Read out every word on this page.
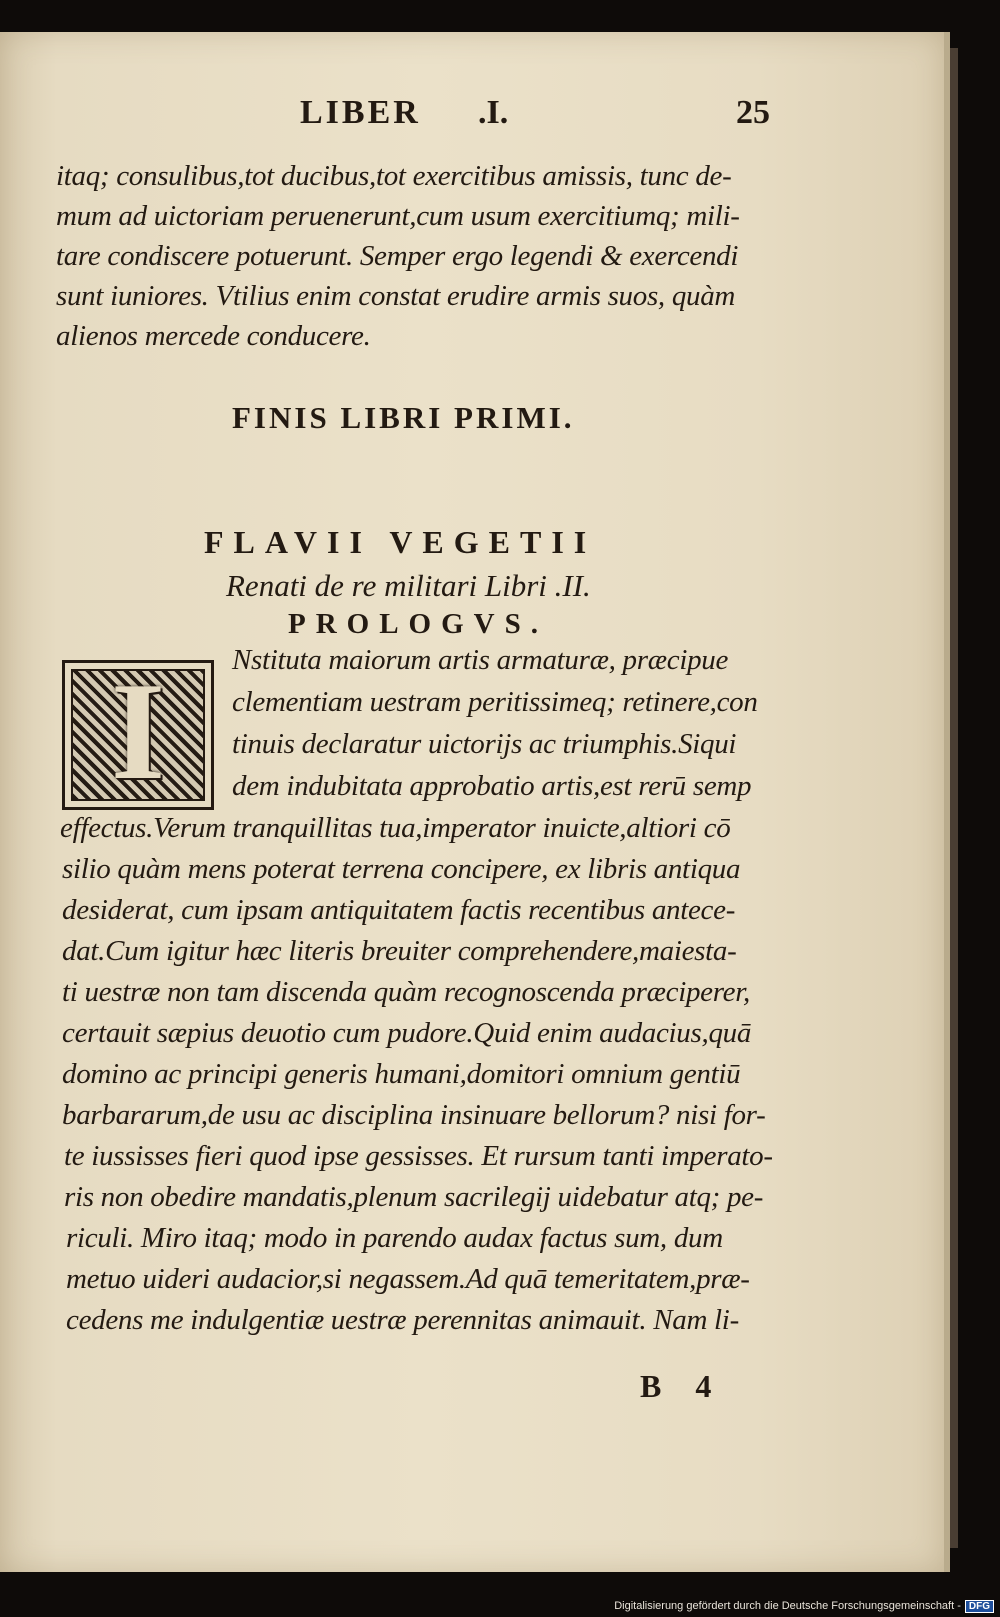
LIBER .I.	25
itaq; consulibus,tot ducibus,tot exercitibus amissis, tunc de-
mum ad uictoriam peruenerunt,cum usum exercitiumq; mili-
tare condiscere potuerunt. Semper ergo legendi & exercendi
sunt iuniores. Vtilius enim constat erudire armis suos, quàm
alienos mercede conducere.
FINIS LIBRI PRIMI.
FLAVII VEGETII
Renati de re militari Libri .II.
PROLOGVS.
I	Nstituta maiorum artis armaturæ, præcipue
clementiam uestram peritissimeq; retinere,con
tinuis declaratur uictorijs ac triumphis.Siqui
dem indubitata approbatio artis,est rerū semp
effectus.Verum tranquillitas tua,imperator inuicte,altiori cō
silio quàm mens poterat terrena concipere, ex libris antiqua
desiderat, cum ipsam antiquitatem factis recentibus antece-
dat.Cum igitur hæc literis breuiter comprehendere,maiesta-
ti uestræ non tam discenda quàm recognoscenda præciperer,
certauit sæpius deuotio cum pudore.Quid enim audacius,quā
domino ac principi generis humani,domitori omnium gentiū
barbararum,de usu ac disciplina insinuare bellorum? nisi for-
te iussisses fieri quod ipse gessisses. Et rursum tanti imperato-
ris non obedire mandatis,plenum sacrilegij uidebatur atq; pe-
riculi. Miro itaq; modo in parendo audax factus sum, dum
metuo uideri audacior,si negassem.Ad quā temeritatem,præ-
cedens me indulgentiæ uestræ perennitas animauit. Nam li-
B 4
Digitalisierung gefördert durch die Deutsche Forschungsgemeinschaft - DFG
